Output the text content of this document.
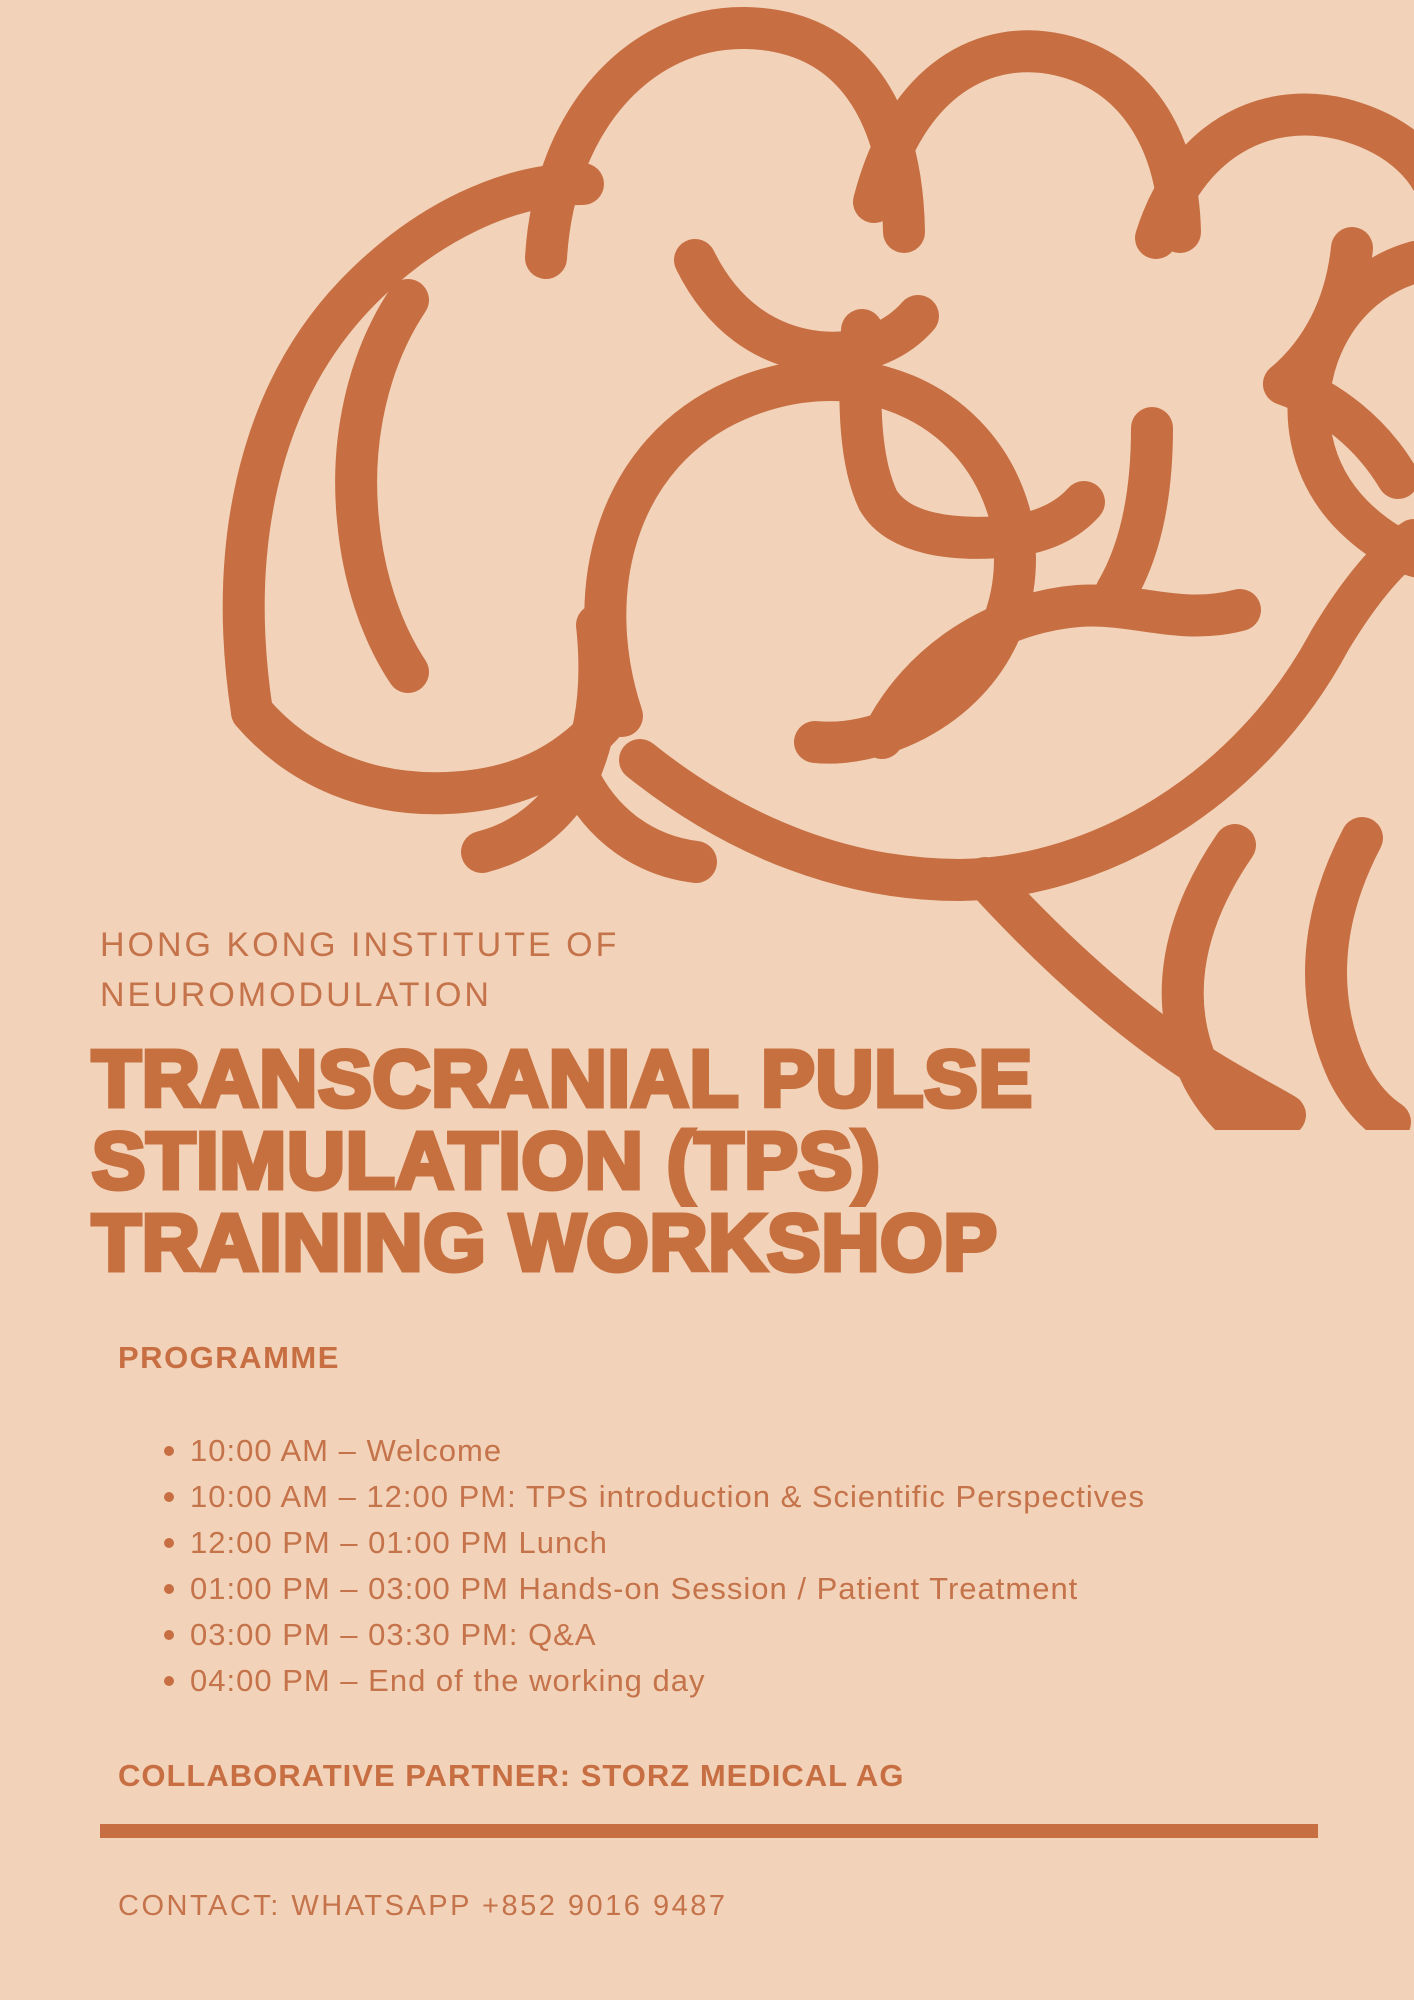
HONG KONG INSTITUTE OF
NEUROMODULATION
TRANSCRANIAL PULSE
STIMULATION (TPS)
TRAINING WORKSHOP
PROGRAMME
10:00 AM – Welcome
10:00 AM – 12:00 PM: TPS introduction & Scientific Perspectives
12:00 PM – 01:00 PM Lunch
01:00 PM – 03:00 PM Hands-on Session / Patient Treatment
03:00 PM – 03:30 PM: Q&A
04:00 PM – End of the working day
COLLABORATIVE PARTNER: STORZ MEDICAL AG
CONTACT: WHATSAPP +852 9016 9487
